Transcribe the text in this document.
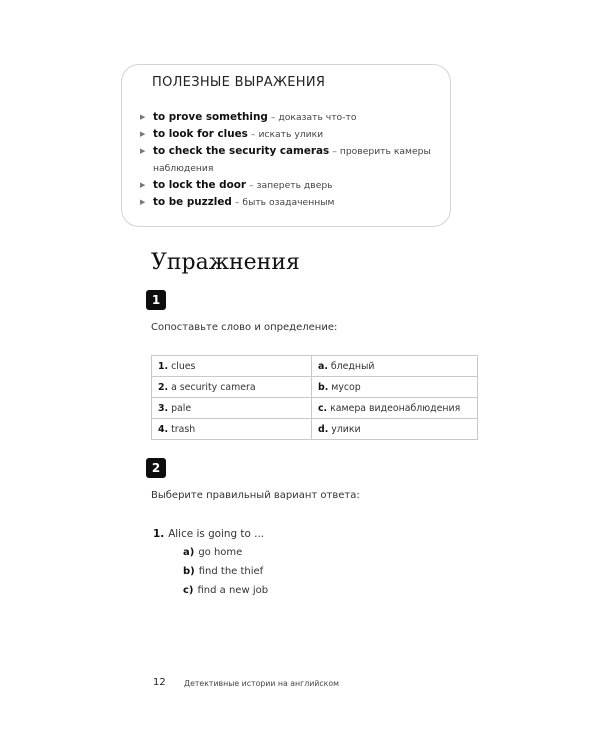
ПОЛЕЗНЫЕ ВЫРАЖЕНИЯ
▶ to prove something – доказать что-то
▶ to look for clues – искать улики
▶ to check the security cameras – проверить камеры наблюдения
▶ to lock the door – запереть дверь
▶ to be puzzled – быть озадаченным
Упражнения
1
Сопоставьте слово и определение:
1. clues	a. бледный
2. a security camera	b. мусор
3. pale	c. камера видеонаблюдения
4. trash	d. улики
2
Выберите правильный вариант ответа:
1. Alice is going to ...
a) go home
b) find the thief
c) find a new job
12 Детективные истории на английском
